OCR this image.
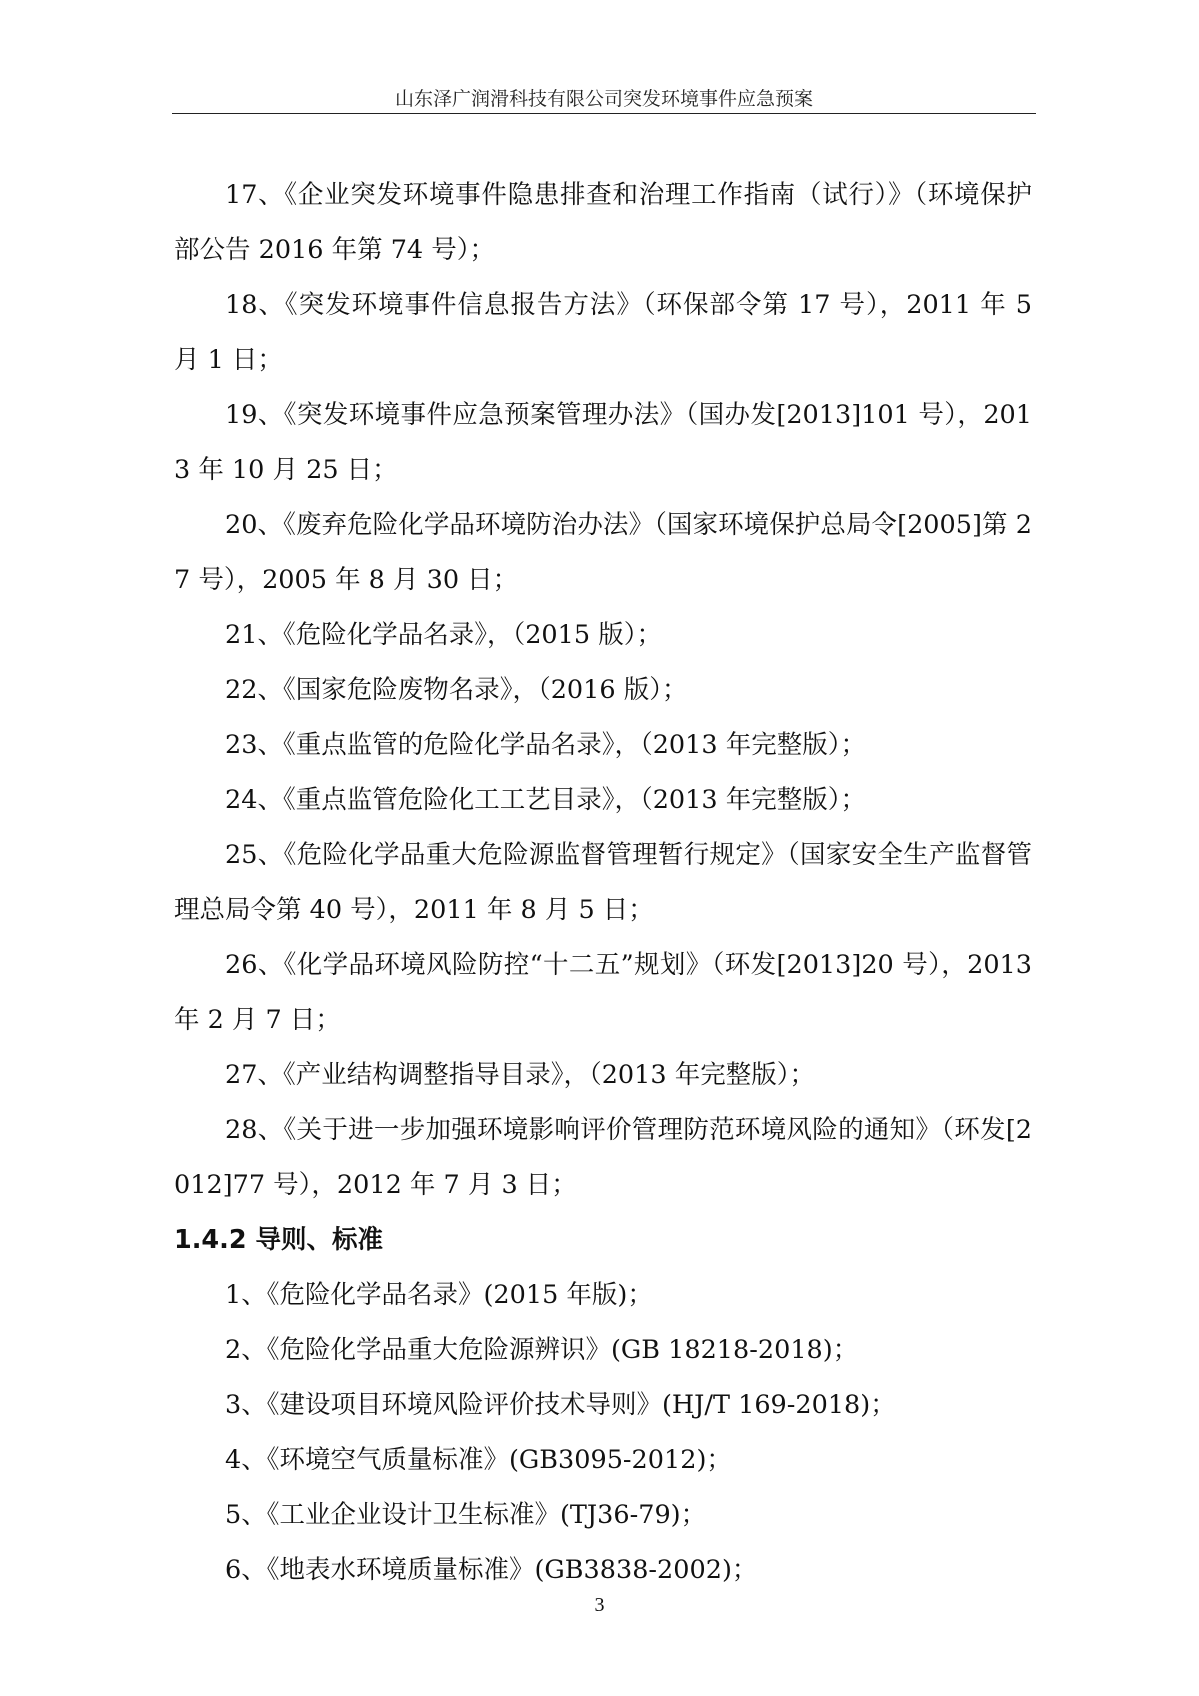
山东泽广润滑科技有限公司突发环境事件应急预案

17、《企业突发环境事件隐患排查和治理工作指南（试行）》（环境保护部公告 2016 年第 74 号）；

18、《突发环境事件信息报告方法》（环保部令第 17 号），2011 年 5 月 1 日；

19、《突发环境事件应急预案管理办法》（国办发[2013]101 号），2013 年 10 月 25 日；

20、《废弃危险化学品环境防治办法》（国家环境保护总局令[2005]第 27 号），2005 年 8 月 30 日；

21、《危险化学品名录》，（2015 版）；

22、《国家危险废物名录》，（2016 版）；

23、《重点监管的危险化学品名录》，（2013 年完整版）；

24、《重点监管危险化工工艺目录》，（2013 年完整版）；

25、《危险化学品重大危险源监督管理暂行规定》（国家安全生产监督管理总局令第 40 号），2011 年 8 月 5 日；

26、《化学品环境风险防控“十二五”规划》（环发[2013]20 号），2013 年 2 月 7 日；

27、《产业结构调整指导目录》，（2013 年完整版）；

28、《关于进一步加强环境影响评价管理防范环境风险的通知》（环发[2012]77 号），2012 年 7 月 3 日；

1.4.2 导则、标准

1、《危险化学品名录》(2015 年版)；

2、《危险化学品重大危险源辨识》(GB 18218-2018)；

3、《建设项目环境风险评价技术导则》(HJ/T 169-2018)；

4、《环境空气质量标准》(GB3095-2012)；

5、《工业企业设计卫生标准》(TJ36-79)；

6、《地表水环境质量标准》(GB3838-2002)；

3
